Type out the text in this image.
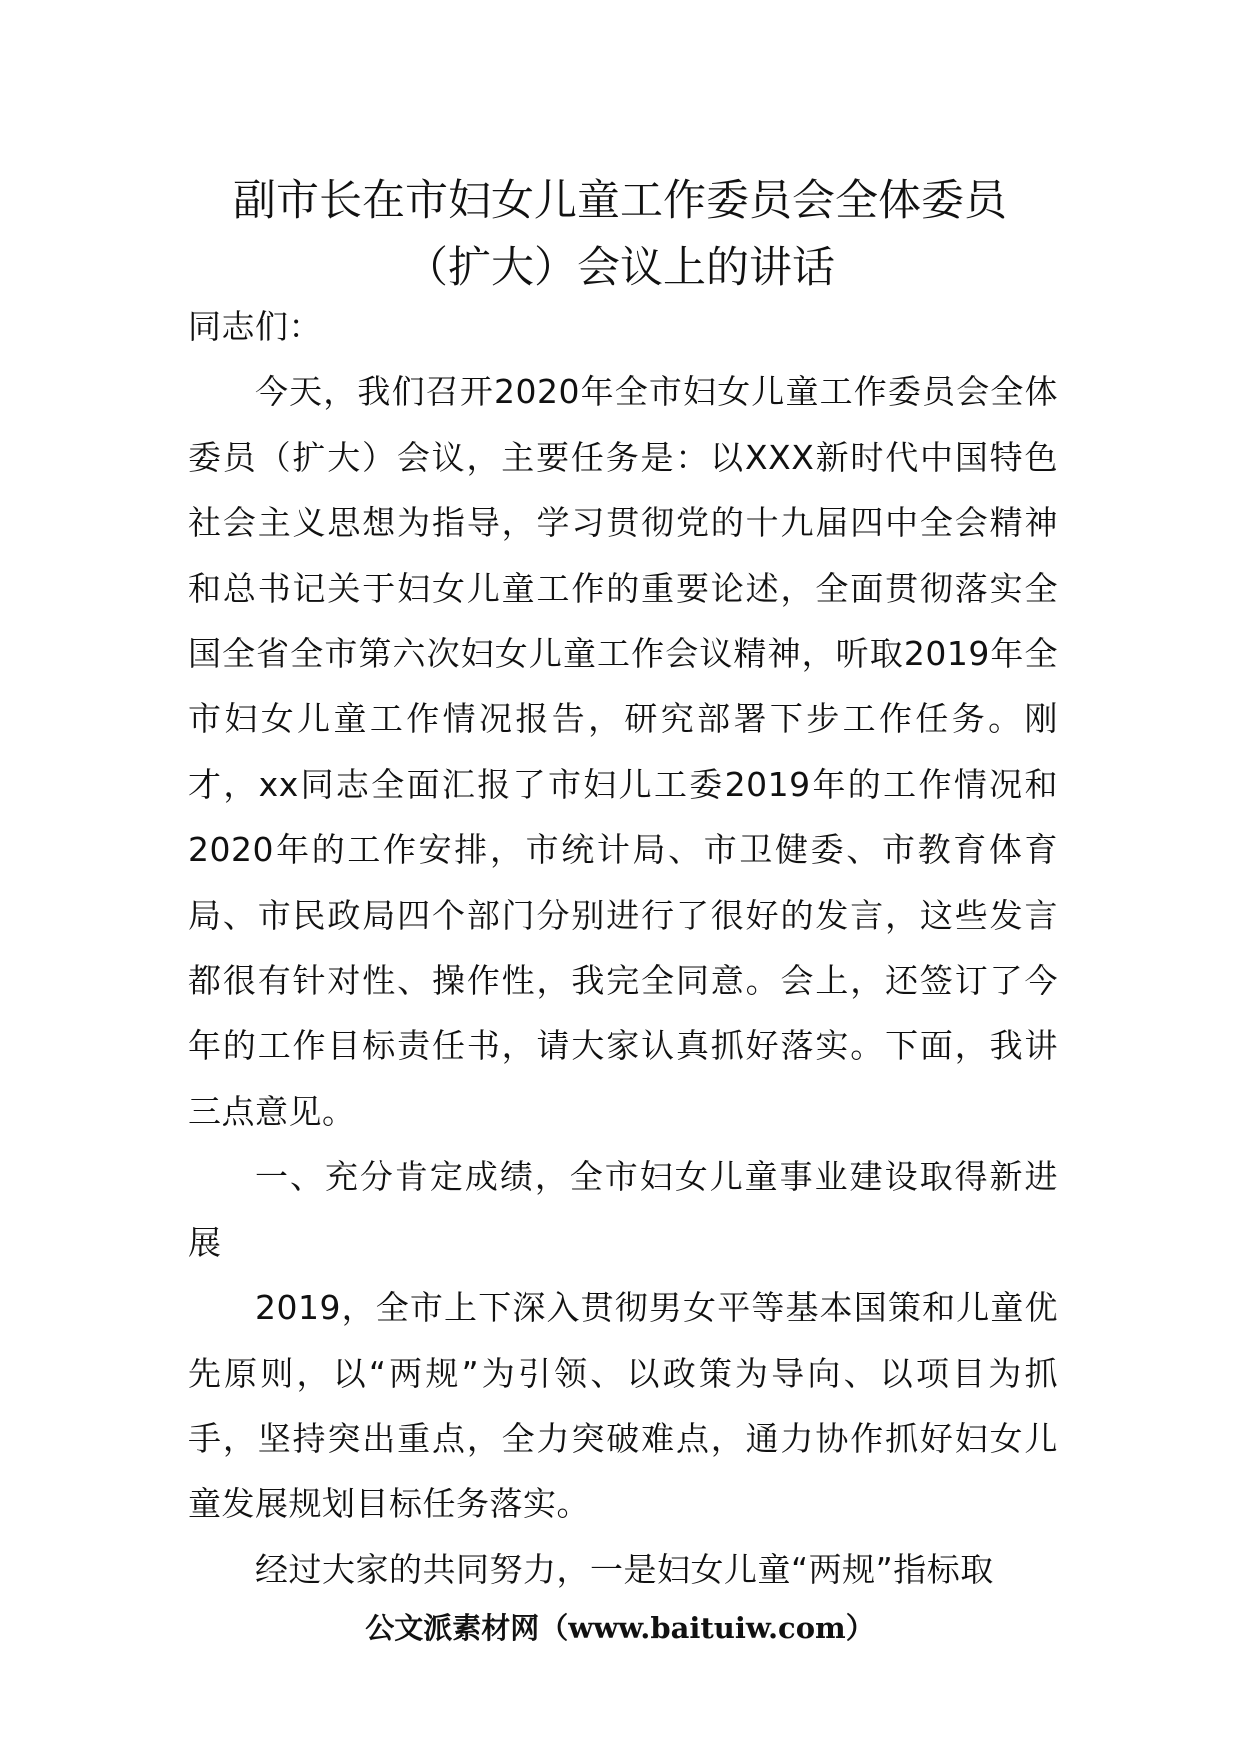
副市长在市妇女儿童工作委员会全体委员
（扩大）会议上的讲话

同志们：

今天，我们召开2020年全市妇女儿童工作委员会全体委员（扩大）会议，主要任务是：以XXX新时代中国特色社会主义思想为指导，学习贯彻党的十九届四中全会精神和总书记关于妇女儿童工作的重要论述，全面贯彻落实全国全省全市第六次妇女儿童工作会议精神，听取2019年全市妇女儿童工作情况报告，研究部署下步工作任务。刚才，xx同志全面汇报了市妇儿工委2019年的工作情况和2020年的工作安排，市统计局、市卫健委、市教育体育局、市民政局四个部门分别进行了很好的发言，这些发言都很有针对性、操作性，我完全同意。会上，还签订了今年的工作目标责任书，请大家认真抓好落实。下面，我讲三点意见。

一、充分肯定成绩，全市妇女儿童事业建设取得新进展

2019，全市上下深入贯彻男女平等基本国策和儿童优先原则，以“两规”为引领、以政策为导向、以项目为抓手，坚持突出重点，全力突破难点，通力协作抓好妇女儿童发展规划目标任务落实。

经过大家的共同努力，一是妇女儿童“两规”指标取

公文派素材网（www.baituiw.com）
